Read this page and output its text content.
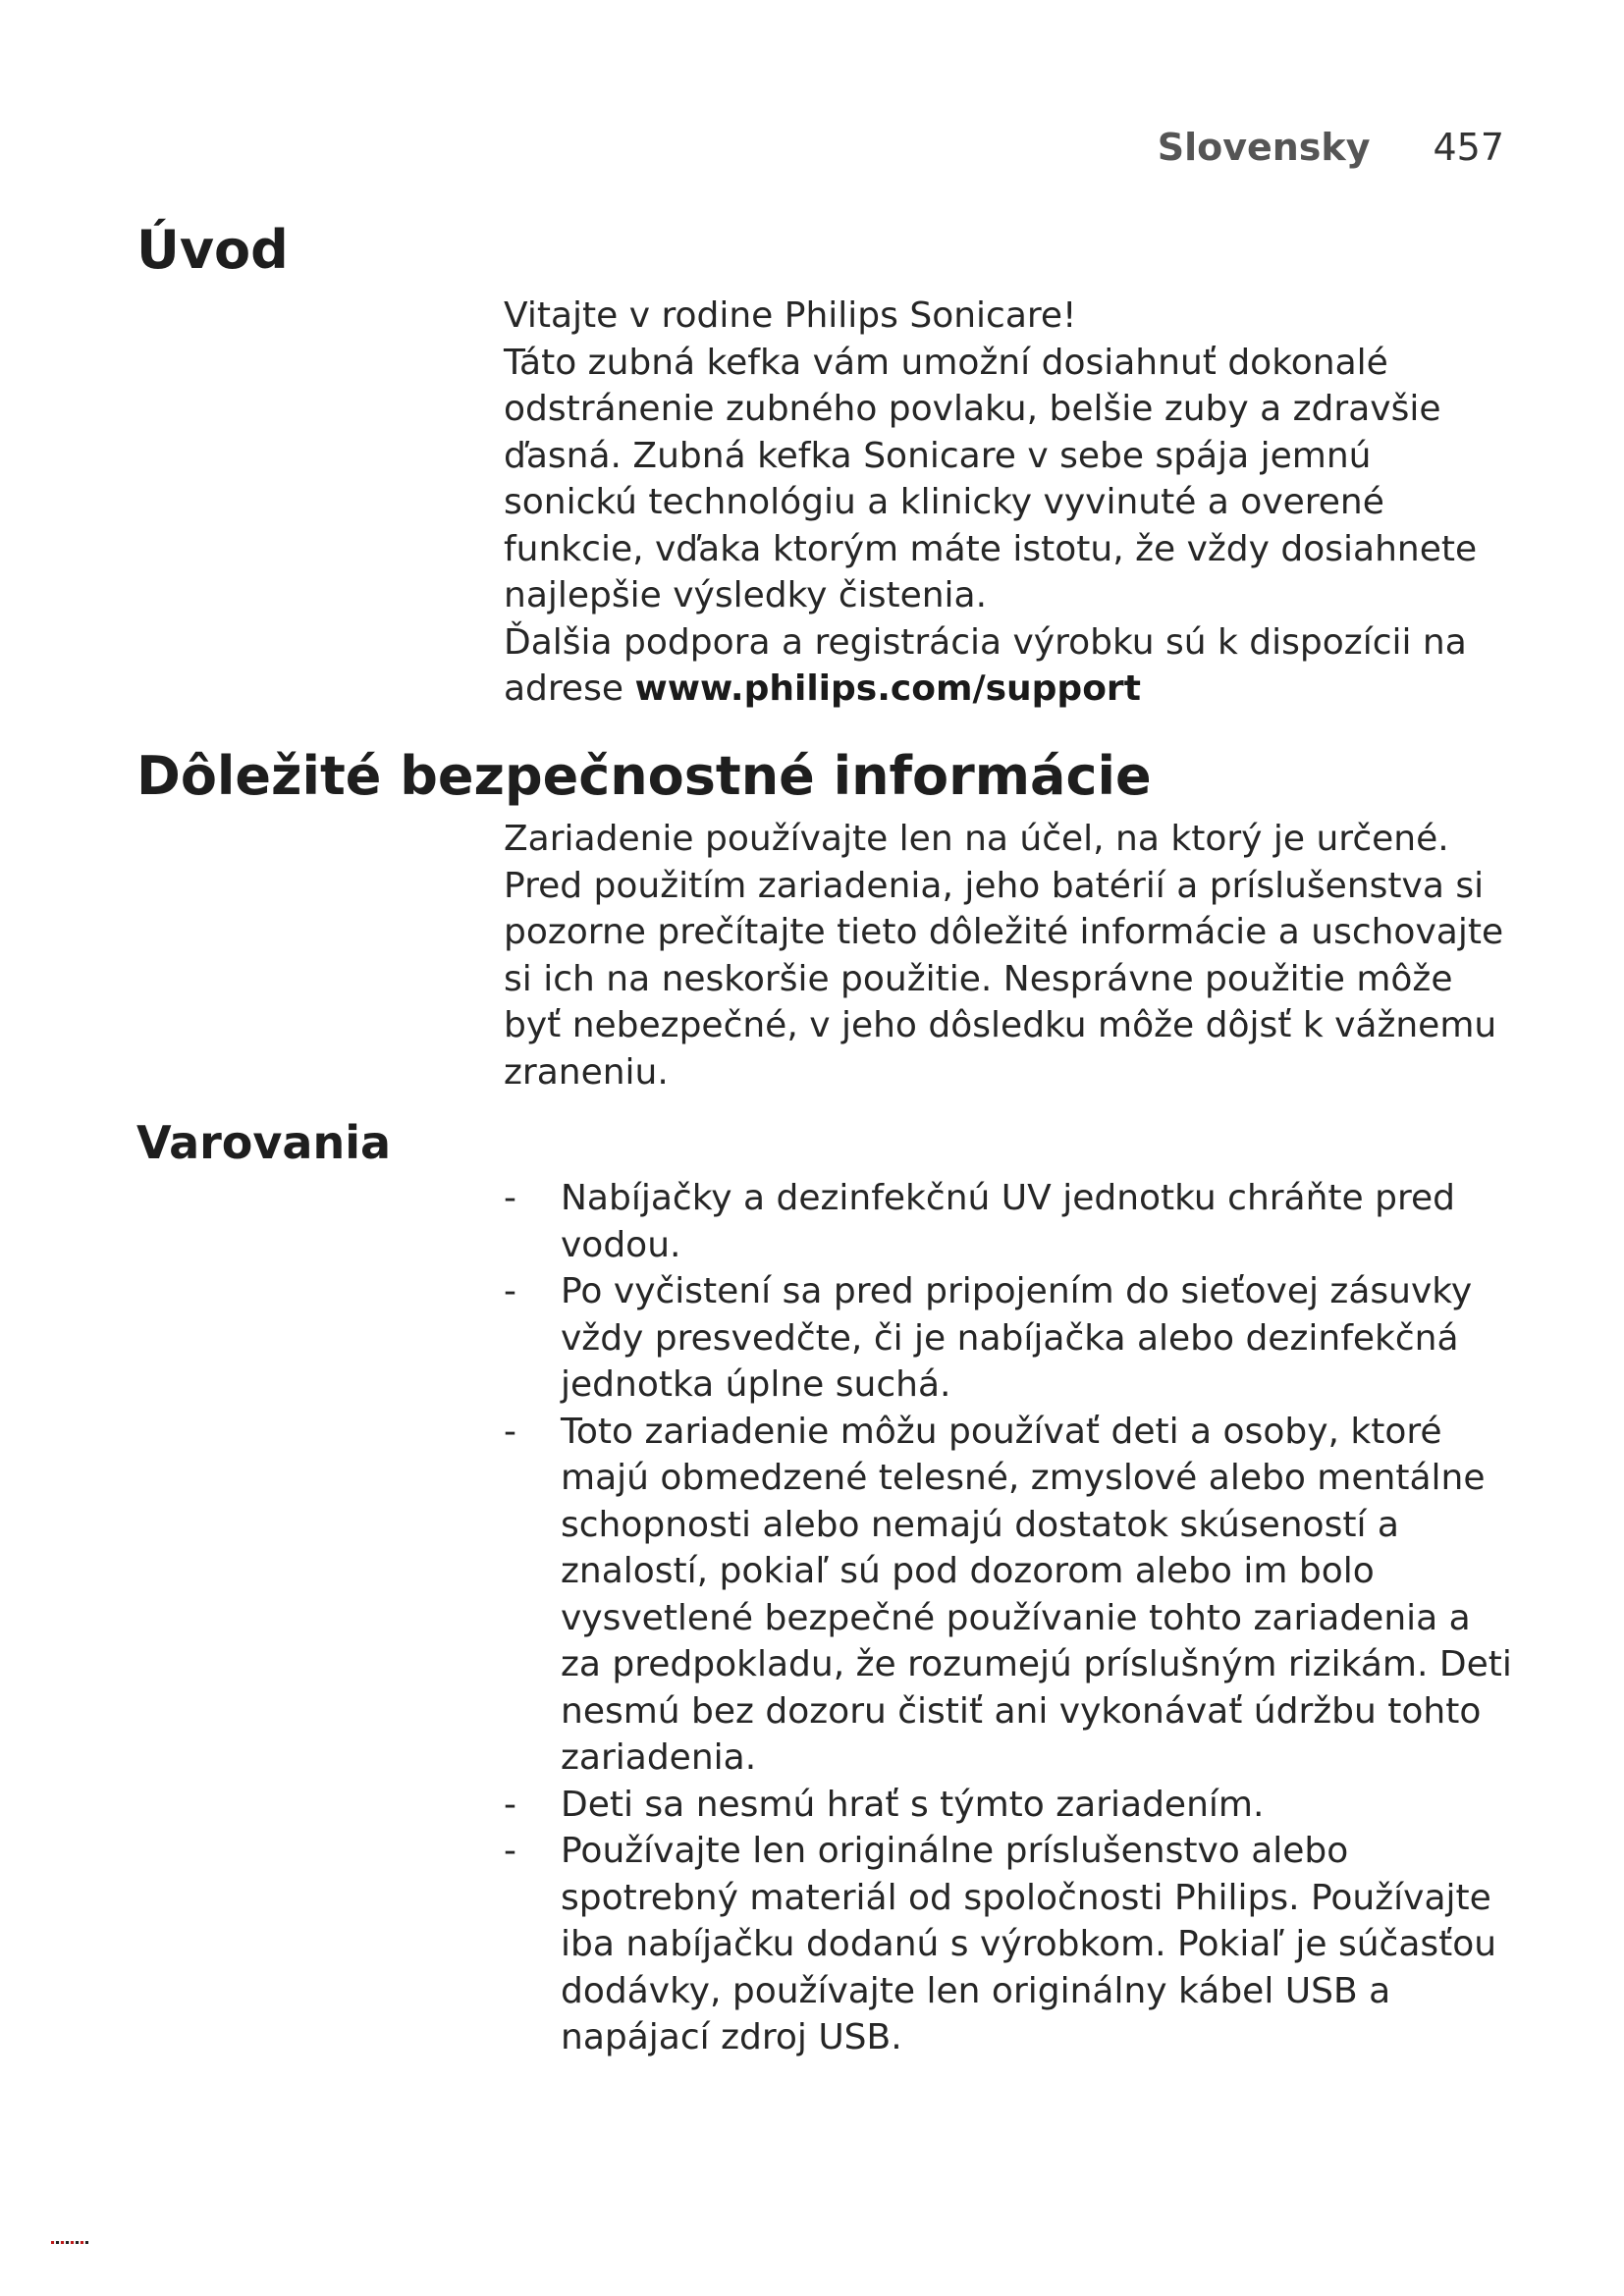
Slovensky 457
Úvod

Vitajte v rodine Philips Sonicare!

Táto zubná kefka vám umožní dosiahnuť dokonalé odstránenie zubného povlaku, belšie zuby a zdravšie ďasná. Zubná kefka Sonicare v sebe spája jemnú sonickú technológiu a klinicky vyvinuté a overené funkcie, vďaka ktorým máte istotu, že vždy dosiahnete najlepšie výsledky čistenia.

Ďalšia podpora a registrácia výrobku sú k dispozícii na adrese www.philips.com/support

Dôležité bezpečnostné informácie

Zariadenie používajte len na účel, na ktorý je určené. Pred použitím zariadenia, jeho batérií a príslušenstva si pozorne prečítajte tieto dôležité informácie a uschovajte si ich na neskoršie použitie. Nesprávne použitie môže byť nebezpečné, v jeho dôsledku môže dôjsť k vážnemu zraneniu.

Varovania
- Nabíjačky a dezinfekčnú UV jednotku chráňte pred vodou.
- Po vyčistení sa pred pripojením do sieťovej zásuvky vždy presvedčte, či je nabíjačka alebo dezinfekčná jednotka úplne suchá.
- Toto zariadenie môžu používať deti a osoby, ktoré majú obmedzené telesné, zmyslové alebo mentálne schopnosti alebo nemajú dostatok skúseností a znalostí, pokiaľ sú pod dozorom alebo im bolo vysvetlené bezpečné používanie tohto zariadenia a za predpokladu, že rozumejú príslušným rizikám. Deti nesmú bez dozoru čistiť ani vykonávať údržbu tohto zariadenia.
- Deti sa nesmú hrať s týmto zariadením.
- Používajte len originálne príslušenstvo alebo spotrebný materiál od spoločnosti Philips. Používajte iba nabíjačku dodanú s výrobkom. Pokiaľ je súčasťou dodávky, používajte len originálny kábel USB a napájací zdroj USB.
